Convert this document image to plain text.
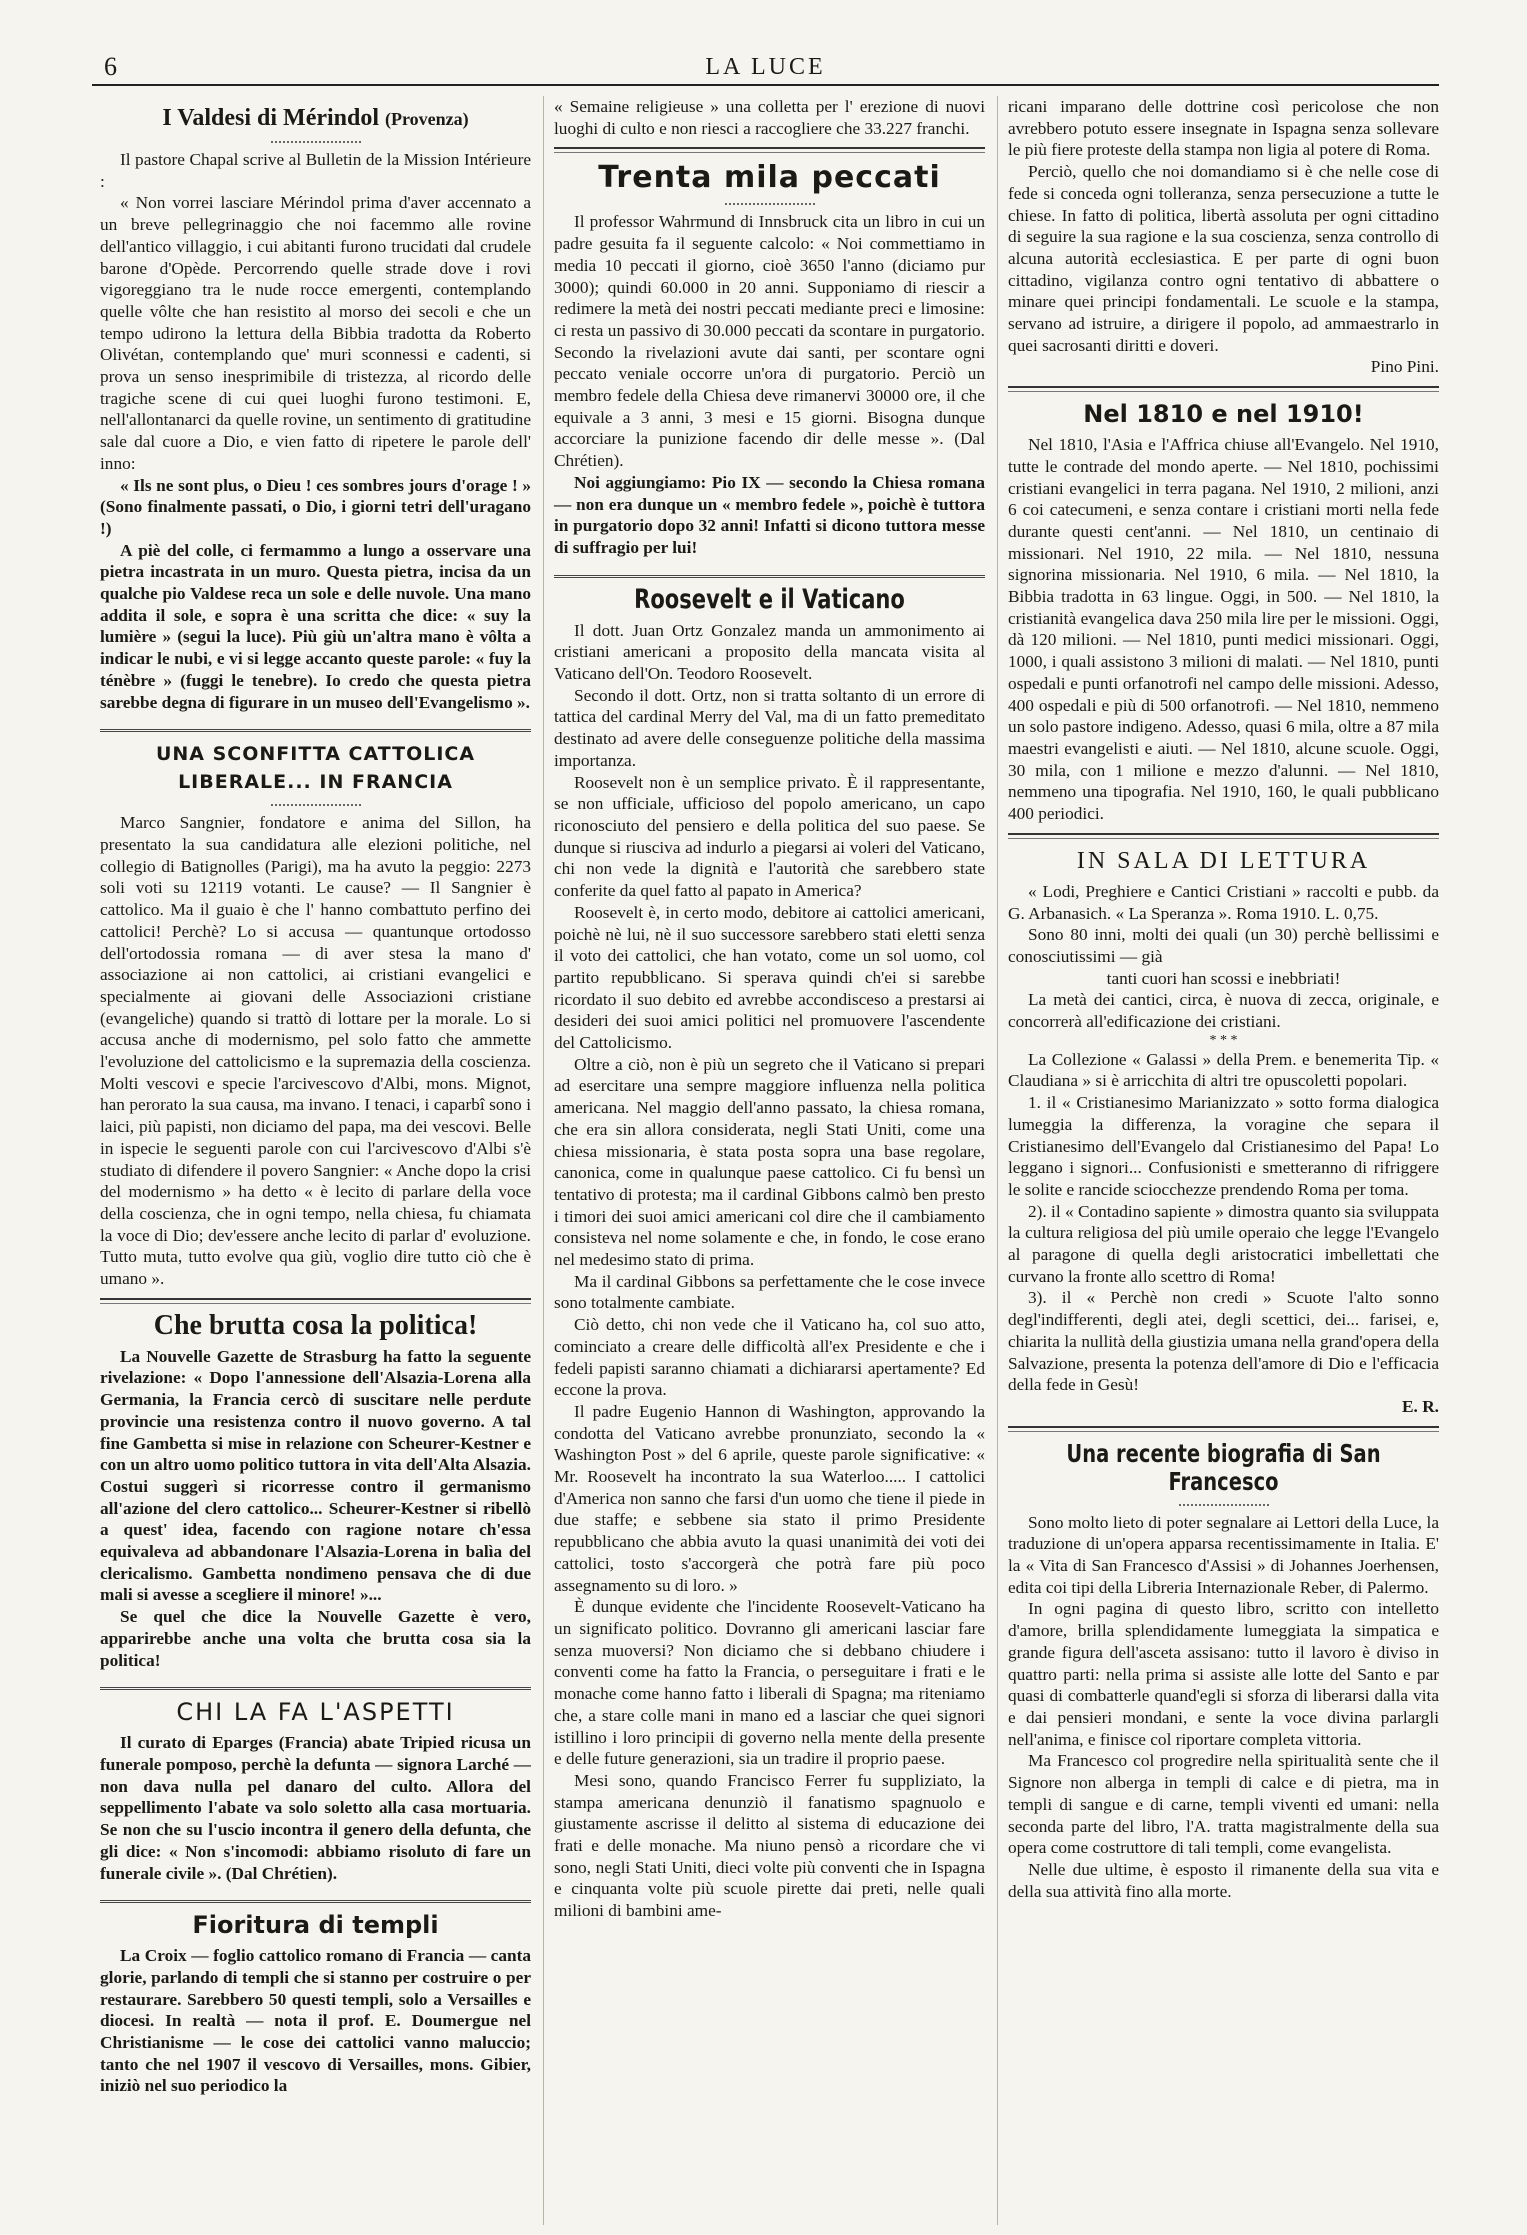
6	LA LUCE
I Valdesi di Mérindol (Provenza)

Il pastore Chapal scrive al Bulletin de la Mission Intérieure :

« Non vorrei lasciare Mérindol prima d'aver accennato a un breve pellegrinaggio che noi facemmo alle rovine dell'antico villaggio, i cui abitanti furono trucidati dal crudele barone d'Opède. Percorrendo quelle strade dove i rovi vigoreggiano tra le nude rocce emergenti, contemplando quelle vôlte che han resistito al morso dei secoli e che un tempo udirono la lettura della Bibbia tradotta da Roberto Olivétan, contemplando que' muri sconnessi e cadenti, si prova un senso inesprimibile di tristezza, al ricordo delle tragiche scene di cui quei luoghi furono testimoni. E, nell'allontanarci da quelle rovine, un sentimento di gratitudine sale dal cuore a Dio, e vien fatto di ripetere le parole dell' inno:

« Ils ne sont plus, o Dieu ! ces sombres jours d'orage ! » (Sono finalmente passati, o Dio, i giorni tetri dell'uragano !)

A piè del colle, ci fermammo a lungo a osservare una pietra incastrata in un muro. Questa pietra, incisa da un qualche pio Valdese reca un sole e delle nuvole. Una mano addita il sole, e sopra è una scritta che dice: « suy la lumière » (segui la luce). Più giù un'altra mano è vôlta a indicar le nubi, e vi si legge accanto queste parole: « fuy la ténèbre » (fuggi le tenebre). Io credo che questa pietra sarebbe degna di figurare in un museo dell'Evangelismo ».

UNA SCONFITTA CATTOLICA LIBERALE... IN FRANCIA

Marco Sangnier, fondatore e anima del Sillon, ha presentato la sua candidatura alle elezioni politiche, nel collegio di Batignolles (Parigi), ma ha avuto la peggio: 2273 soli voti su 12119 votanti. Le cause? — Il Sangnier è cattolico. Ma il guaio è che l' hanno combattuto perfino dei cattolici! Perchè? Lo si accusa — quantunque ortodosso dell'ortodossia romana — di aver stesa la mano d' associazione ai non cattolici, ai cristiani evangelici e specialmente ai giovani delle Associazioni cristiane (evangeliche) quando si trattò di lottare per la morale. Lo si accusa anche di modernismo, pel solo fatto che ammette l'evoluzione del cattolicismo e la supremazia della coscienza. Molti vescovi e specie l'arcivescovo d'Albi, mons. Mignot, han perorato la sua causa, ma invano. I tenaci, i caparbî sono i laici, più papisti, non diciamo del papa, ma dei vescovi. Belle in ispecie le seguenti parole con cui l'arcivescovo d'Albi s'è studiato di difendere il povero Sangnier: « Anche dopo la crisi del modernismo » ha detto « è lecito di parlare della voce della coscienza, che in ogni tempo, nella chiesa, fu chiamata la voce di Dio; dev'essere anche lecito di parlar d' evoluzione. Tutto muta, tutto evolve qua giù, voglio dire tutto ciò che è umano ».

Che brutta cosa la politica!

La Nouvelle Gazette de Strasburg ha fatto la seguente rivelazione: « Dopo l'annessione dell'Alsazia-Lorena alla Germania, la Francia cercò di suscitare nelle perdute provincie una resistenza contro il nuovo governo. A tal fine Gambetta si mise in relazione con Scheurer-Kestner e con un altro uomo politico tuttora in vita dell'Alta Alsazia. Costui suggerì si ricorresse contro il germanismo all'azione del clero cattolico... Scheurer-Kestner si ribellò a quest' idea, facendo con ragione notare ch'essa equivaleva ad abbandonare l'Alsazia-Lorena in balìa del clericalismo. Gambetta nondimeno pensava che di due mali si avesse a scegliere il minore! »...

Se quel che dice la Nouvelle Gazette è vero, apparirebbe anche una volta che brutta cosa sia la politica!

CHI LA FA L'ASPETTI

Il curato di Eparges (Francia) abate Tripied ricusa un funerale pomposo, perchè la defunta — signora Larché — non dava nulla pel danaro del culto. Allora del seppellimento l'abate va solo soletto alla casa mortuaria. Se non che su l'uscio incontra il genero della defunta, che gli dice: « Non s'incomodi: abbiamo risoluto di fare un funerale civile ». (Dal Chrétien).

Fioritura di templi

La Croix — foglio cattolico romano di Francia — canta glorie, parlando di templi che si stanno per costruire o per restaurare. Sarebbero 50 questi templi, solo a Versailles e diocesi. In realtà — nota il prof. E. Doumergue nel Christianisme — le cose dei cattolici vanno maluccio; tanto che nel 1907 il vescovo di Versailles, mons. Gibier, iniziò nel suo periodico la

« Semaine religieuse » una colletta per l' erezione di nuovi luoghi di culto e non riesci a raccogliere che 33.227 franchi.

Trenta mila peccati

Il professor Wahrmund di Innsbruck cita un libro in cui un padre gesuita fa il seguente calcolo: « Noi commettiamo in media 10 peccati il giorno, cioè 3650 l'anno (diciamo pur 3000); quindi 60.000 in 20 anni. Supponiamo di riescir a redimere la metà dei nostri peccati mediante preci e limosine: ci resta un passivo di 30.000 peccati da scontare in purgatorio. Secondo la rivelazioni avute dai santi, per scontare ogni peccato veniale occorre un'ora di purgatorio. Perciò un membro fedele della Chiesa deve rimanervi 30000 ore, il che equivale a 3 anni, 3 mesi e 15 giorni. Bisogna dunque accorciare la punizione facendo dir delle messe ». (Dal Chrétien).

Noi aggiungiamo: Pio IX — secondo la Chiesa romana — non era dunque un « membro fedele », poichè è tuttora in purgatorio dopo 32 anni! Infatti si dicono tuttora messe di suffragio per lui!

Roosevelt e il Vaticano

Il dott. Juan Ortz Gonzalez manda un ammonimento ai cristiani americani a proposito della mancata visita al Vaticano dell'On. Teodoro Roosevelt.

Secondo il dott. Ortz, non si tratta soltanto di un errore di tattica del cardinal Merry del Val, ma di un fatto premeditato destinato ad avere delle conseguenze politiche della massima importanza.

Roosevelt non è un semplice privato. È il rappresentante, se non ufficiale, ufficioso del popolo americano, un capo riconosciuto del pensiero e della politica del suo paese. Se dunque si riusciva ad indurlo a piegarsi ai voleri del Vaticano, chi non vede la dignità e l'autorità che sarebbero state conferite da quel fatto al papato in America?

Roosevelt è, in certo modo, debitore ai cattolici americani, poichè nè lui, nè il suo successore sarebbero stati eletti senza il voto dei cattolici, che han votato, come un sol uomo, col partito repubblicano. Si sperava quindi ch'ei si sarebbe ricordato il suo debito ed avrebbe accondisceso a prestarsi ai desideri dei suoi amici politici nel promuovere l'ascendente del Cattolicismo.

Oltre a ciò, non è più un segreto che il Vaticano si prepari ad esercitare una sempre maggiore influenza nella politica americana. Nel maggio dell'anno passato, la chiesa romana, che era sin allora considerata, negli Stati Uniti, come una chiesa missionaria, è stata posta sopra una base regolare, canonica, come in qualunque paese cattolico. Ci fu bensì un tentativo di protesta; ma il cardinal Gibbons calmò ben presto i timori dei suoi amici americani col dire che il cambiamento consisteva nel nome solamente e che, in fondo, le cose erano nel medesimo stato di prima.

Ma il cardinal Gibbons sa perfettamente che le cose invece sono totalmente cambiate.

Ciò detto, chi non vede che il Vaticano ha, col suo atto, cominciato a creare delle difficoltà all'ex Presidente e che i fedeli papisti saranno chiamati a dichiararsi apertamente? Ed eccone la prova.

Il padre Eugenio Hannon di Washington, approvando la condotta del Vaticano avrebbe pronunziato, secondo la « Washington Post » del 6 aprile, queste parole significative: « Mr. Roosevelt ha incontrato la sua Waterloo..... I cattolici d'America non sanno che farsi d'un uomo che tiene il piede in due staffe; e sebbene sia stato il primo Presidente repubblicano che abbia avuto la quasi unanimità dei voti dei cattolici, tosto s'accorgerà che potrà fare più poco assegnamento su di loro. »

È dunque evidente che l'incidente Roosevelt-Vaticano ha un significato politico. Dovranno gli americani lasciar fare senza muoversi? Non diciamo che si debbano chiudere i conventi come ha fatto la Francia, o perseguitare i frati e le monache come hanno fatto i liberali di Spagna; ma riteniamo che, a stare colle mani in mano ed a lasciar che quei signori istillino i loro principii di governo nella mente della presente e delle future generazioni, sia un tradire il proprio paese.

Mesi sono, quando Francisco Ferrer fu suppliziato, la stampa americana denunziò il fanatismo spagnuolo e giustamente ascrisse il delitto al sistema di educazione dei frati e delle monache. Ma niuno pensò a ricordare che vi sono, negli Stati Uniti, dieci volte più conventi che in Ispagna e cinquanta volte più scuole pirette dai preti, nelle quali milioni di bambini ame-

ricani imparano delle dottrine così pericolose che non avrebbero potuto essere insegnate in Ispagna senza sollevare le più fiere proteste della stampa non ligia al potere di Roma.

Perciò, quello che noi domandiamo si è che nelle cose di fede si conceda ogni tolleranza, senza persecuzione a tutte le chiese. In fatto di politica, libertà assoluta per ogni cittadino di seguire la sua ragione e la sua coscienza, senza controllo di alcuna autorità ecclesiastica. E per parte di ogni buon cittadino, vigilanza contro ogni tentativo di abbattere o minare quei principi fondamentali. Le scuole e la stampa, servano ad istruire, a dirigere il popolo, ad ammaestrarlo in quei sacrosanti diritti e doveri.

Pino Pini.

Nel 1810 e nel 1910!

Nel 1810, l'Asia e l'Affrica chiuse all'Evangelo. Nel 1910, tutte le contrade del mondo aperte. — Nel 1810, pochissimi cristiani evangelici in terra pagana. Nel 1910, 2 milioni, anzi 6 coi catecumeni, e senza contare i cristiani morti nella fede durante questi cent'anni. — Nel 1810, un centinaio di missionari. Nel 1910, 22 mila. — Nel 1810, nessuna signorina missionaria. Nel 1910, 6 mila. — Nel 1810, la Bibbia tradotta in 63 lingue. Oggi, in 500. — Nel 1810, la cristianità evangelica dava 250 mila lire per le missioni. Oggi, dà 120 milioni. — Nel 1810, punti medici missionari. Oggi, 1000, i quali assistono 3 milioni di malati. — Nel 1810, punti ospedali e punti orfanotrofi nel campo delle missioni. Adesso, 400 ospedali e più di 500 orfanotrofi. — Nel 1810, nemmeno un solo pastore indigeno. Adesso, quasi 6 mila, oltre a 87 mila maestri evangelisti e aiuti. — Nel 1810, alcune scuole. Oggi, 30 mila, con 1 milione e mezzo d'alunni. — Nel 1810, nemmeno una tipografia. Nel 1910, 160, le quali pubblicano 400 periodici.

IN SALA DI LETTURA

« Lodi, Preghiere e Cantici Cristiani » raccolti e pubb. da G. Arbanasich. « La Speranza ». Roma 1910. L. 0,75.

Sono 80 inni, molti dei quali (un 30) perchè bellissimi e conosciutissimi — già

tanti cuori han scossi e inebbriati!

La metà dei cantici, circa, è nuova di zecca, originale, e concorrerà all'edificazione dei cristiani.

* * *

La Collezione « Galassi » della Prem. e benemerita Tip. « Claudiana » si è arricchita di altri tre opuscoletti popolari.

1. il « Cristianesimo Marianizzato » sotto forma dialogica lumeggia la differenza, la voragine che separa il Cristianesimo dell'Evangelo dal Cristianesimo del Papa! Lo leggano i signori... Confusionisti e smetteranno di rifriggere le solite e rancide sciocchezze prendendo Roma per toma.

2). il « Contadino sapiente » dimostra quanto sia sviluppata la cultura religiosa del più umile operaio che legge l'Evangelo al paragone di quella degli aristocratici imbellettati che curvano la fronte allo scettro di Roma!

3). il « Perchè non credi » Scuote l'alto sonno degl'indifferenti, degli atei, degli scettici, dei... farisei, e, chiarita la nullità della giustizia umana nella grand'opera della Salvazione, presenta la potenza dell'amore di Dio e l'efficacia della fede in Gesù!

E. R.

Una recente biografia di San Francesco

Sono molto lieto di poter segnalare ai Lettori della Luce, la traduzione di un'opera apparsa recentissimamente in Italia. E' la « Vita di San Francesco d'Assisi » di Johannes Joerhensen, edita coi tipi della Libreria Internazionale Reber, di Palermo.

In ogni pagina di questo libro, scritto con intelletto d'amore, brilla splendidamente lumeggiata la simpatica e grande figura dell'asceta assisano: tutto il lavoro è diviso in quattro parti: nella prima si assiste alle lotte del Santo e par quasi di combatterle quand'egli si sforza di liberarsi dalla vita e dai pensieri mondani, e sente la voce divina parlargli nell'anima, e finisce col riportare completa vittoria.

Ma Francesco col progredire nella spiritualità sente che il Signore non alberga in templi di calce e di pietra, ma in templi di sangue e di carne, templi viventi ed umani: nella seconda parte del libro, l'A. tratta magistralmente della sua opera come costruttore di tali templi, come evangelista.

Nelle due ultime, è esposto il rimanente della sua vita e della sua attività fino alla morte.
